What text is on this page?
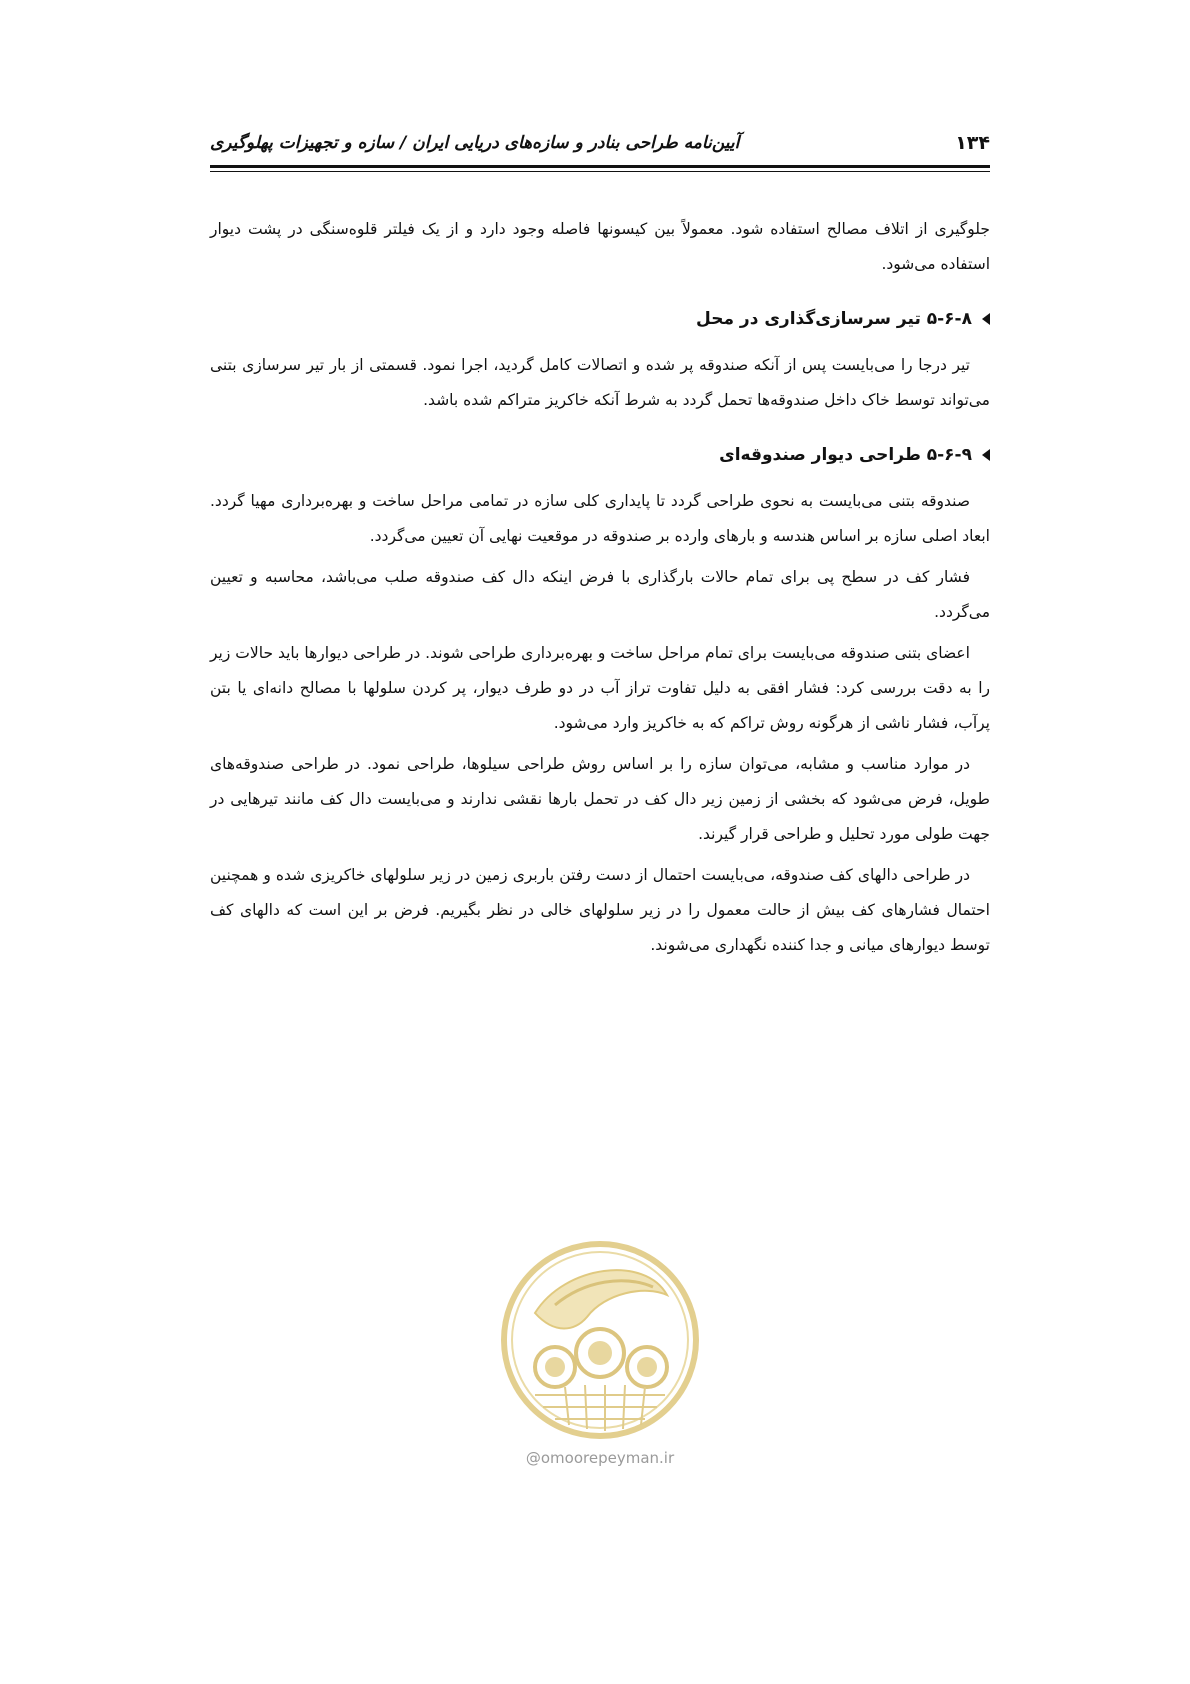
۱۳۴
آیین‌نامه طراحی بنادر و سازه‌های دریایی ایران / سازه و تجهیزات پهلوگیری

جلوگیری از اتلاف مصالح استفاده شود. معمولاً بین کیسونها فاصله وجود دارد و از یک فیلتر قلوه‌سنگی در پشت دیوار استفاده می‌شود.

۵-۶-۸ تیر سرسازی‌گذاری در محل

تیر درجا را می‌بایست پس از آنکه صندوقه پر شده و اتصالات کامل گردید، اجرا نمود. قسمتی از بار تیر سرسازی بتنی می‌تواند توسط خاک داخل صندوقه‌ها تحمل گردد به شرط آنکه خاکریز متراکم شده باشد.

۵-۶-۹ طراحی دیوار صندوقه‌ای

صندوقه بتنی می‌بایست به نحوی طراحی گردد تا پایداری کلی سازه در تمامی مراحل ساخت و بهره‌برداری مهیا گردد. ابعاد اصلی سازه بر اساس هندسه و بارهای وارده بر صندوقه در موقعیت نهایی آن تعیین می‌گردد.

فشار کف در سطح پی برای تمام حالات بارگذاری با فرض اینکه دال کف صندوقه صلب می‌باشد، محاسبه و تعیین می‌گردد.

اعضای بتنی صندوقه می‌بایست برای تمام مراحل ساخت و بهره‌برداری طراحی شوند. در طراحی دیوارها باید حالات زیر را به دقت بررسی کرد: فشار افقی به دلیل تفاوت تراز آب در دو طرف دیوار، پر کردن سلولها با مصالح دانه‌ای یا بتن پرآب، فشار ناشی از هرگونه روش تراکم که به خاکریز وارد می‌شود.

در موارد مناسب و مشابه، می‌توان سازه را بر اساس روش طراحی سیلوها، طراحی نمود. در طراحی صندوقه‌های طویل، فرض می‌شود که بخشی از زمین زیر دال کف در تحمل بارها نقشی ندارند و می‌بایست دال کف مانند تیرهایی در جهت طولی مورد تحلیل و طراحی قرار گیرند.

در طراحی دالهای کف صندوقه، می‌بایست احتمال از دست رفتن باربری زمین در زیر سلولهای خاکریزی شده و همچنین احتمال فشارهای کف بیش از حالت معمول را در زیر سلولهای خالی در نظر بگیریم. فرض بر این است که دالهای کف توسط دیوارهای میانی و جدا کننده نگهداری می‌شوند.

@omoorepeyman.ir
